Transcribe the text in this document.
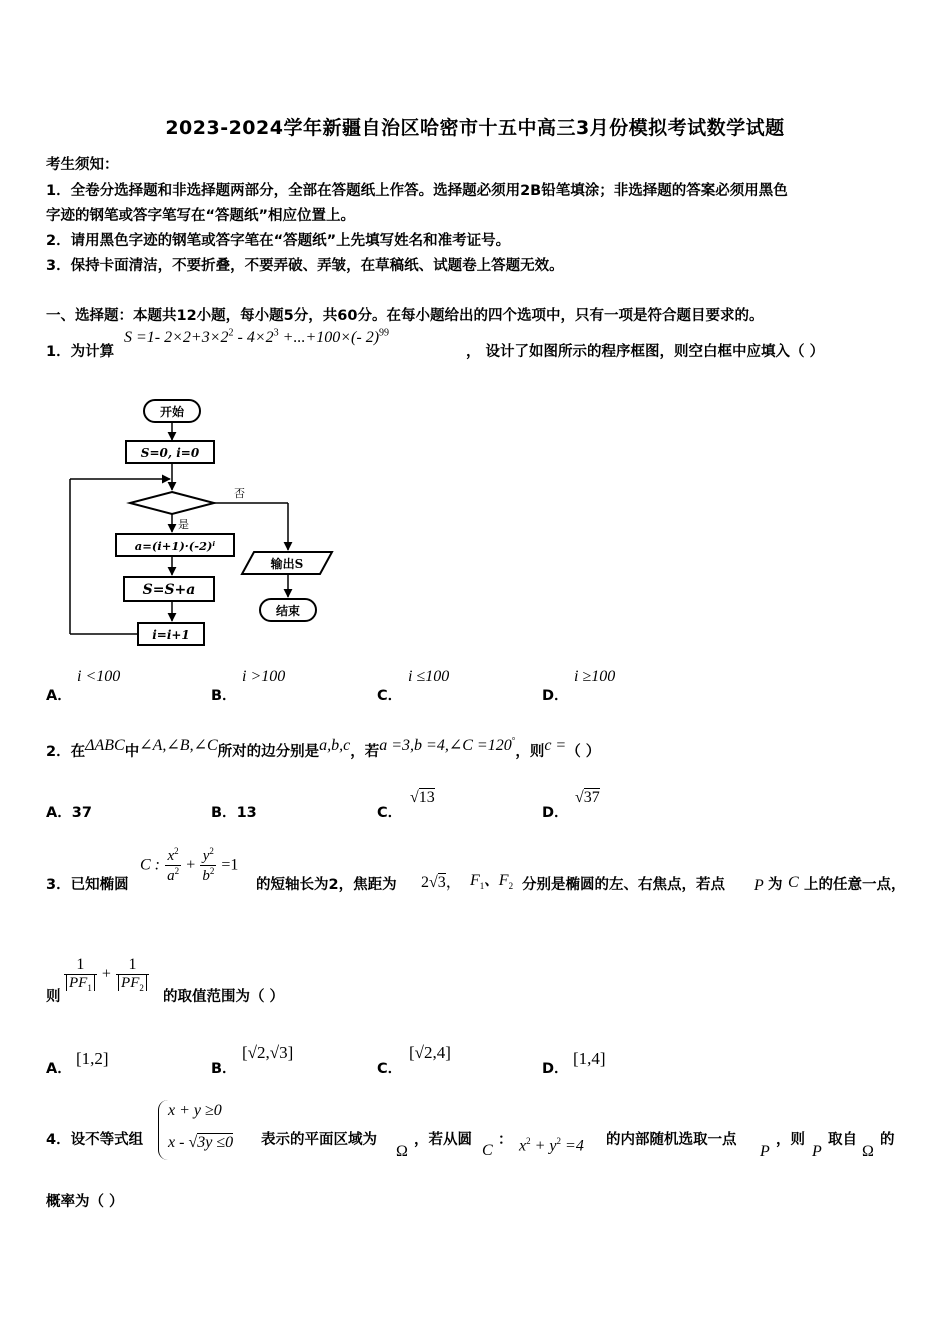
2023-2024学年新疆自治区哈密市十五中高三3月份模拟考试数学试题
考生须知：
1．全卷分选择题和非选择题两部分，全部在答题纸上作答。选择题必须用2B铅笔填涂；非选择题的答案必须用黑色
字迹的钢笔或答字笔写在“答题纸”相应位置上。
2．请用黑色字迹的钢笔或答字笔在“答题纸”上先填写姓名和准考证号。
3．保持卡面清洁，不要折叠，不要弄破、弄皱，在草稿纸、试题卷上答题无效。
一、选择题：本题共12小题，每小题5分，共60分。在每小题给出的四个选项中，只有一项是符合题目要求的。
1．为计算
S =1- $2\times 2+3\times 2^2 - 4\times 2^3 +...+100\times(-$ 2)$^{99}$
， 设计了如图所示的程序框图，则空白框中应填入（ ）
开始
S=0, i=0
否
是
a=(i+1)·(-2)ⁱ
S=S+a
i=i+1
输出S
结束
A．
i <100
B．
i >100
C．
i ≤100
D．
i ≥100
2．在ΔABC中∠A,∠B,∠C所对的边分别是a,b,c，若a =3,b =4,∠C =120°，则c =（ ）
A．37	B．13	C．
√13
D．
√37
3．已知椭圆
C : $\frac{x^2}{a^2} + \frac{y^2}{b^2} =1$
的短轴长为2，焦距为 2√3， $F_1$、$F_2$ 分别是椭圆的左、右焦点，若点 P 为 C 上的任意一点，
则
$\frac{1}{PF_1} + \frac{1}{PF_2}$
的取值范围为（ ）
A．
[1,2]
B．
[√2,√3]
C．
[√2,4]
D．
[1,4]
4．设不等式组
x + y ≥0
x - √3y ≤0 表示的平面区域为
Ω
，若从圆
C
： $x^2 + y^2 =4$ 的内部随机选取一点
P
，则
P
取自
Ω
的
概率为（ ）
